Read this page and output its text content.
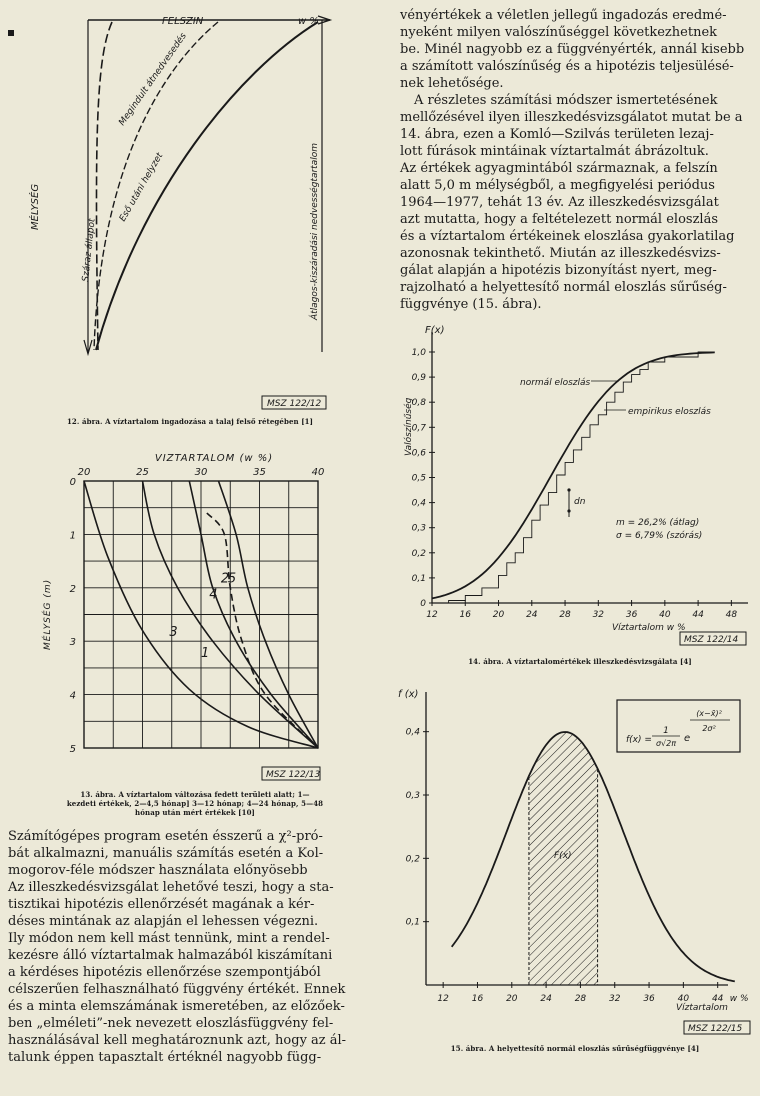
FELSZIN	w %
MÉLYSÉG
Száraz állapot
Megindult átnedvesedés
Eső utáni helyzet	Átlagos-kiszáradási nedvességtartalom
MSZ 122/12
12. ábra. A víztartalom ingadozása a talaj felső rétegében [1]
20	25	30	35	40
0
1
2
3
4
5
VIZTARTALOM (w %)
MÉLYSÉG (m)
1
2
3
4
5
MSZ 122/13
13. ábra. A víztartalom változása fedett területi alatt; 1—
kezdeti értékek, 2—4,5 hónap] 3—12 hónap; 4—24 hónap, 5—48
hónap után mért értékek [10]
Számítógépes program esetén ésszerű a χ²-pró-
bát alkalmazni, manuális számítás esetén a Kol-
mogorov-féle módszer használata előnyösebb
Az illeszkedésvizsgálat lehetővé teszi, hogy a sta-
tisztikai hipotézis ellenőrzését magának a kér-
déses mintának az alapján el lehessen végezni.
Ily módon nem kell mást tennünk, mint a rendel-
kezésre álló víztartalmak halmazából kiszámítani
a kérdéses hipotézis ellenőrzése szempontjából
célszerűen felhasználható függvény értékét. Ennek
és a minta elemszámának ismeretében, az előzőek-
ben „elméleti”-nek nevezett eloszlásfüggvény fel-
használásával kell meghatároznunk azt, hogy az ál-
talunk éppen tapasztalt értéknél nagyobb függ-
vényértékek a véletlen jellegű ingadozás eredmé-
nyeként milyen valószínűséggel következhetnek
be. Minél nagyobb ez a függvényérték, annál kisebb
a számított valószínűség és a hipotézis teljesülésé-
nek lehetősége.
A részletes számítási módszer ismertetésének
mellőzésével ilyen illeszkedésvizsgálatot mutat be a
14. ábra, ezen a Komló—Szilvás területen lezaj-
lott fúrások mintáinak víztartalmát ábrázoltuk.
Az értékek agyagmintából származnak, a felszín
alatt 5,0 m mélységből, a megfigyelési periódus
1964—1977, tehát 13 év. Az illeszkedésvizsgálat
azt mutatta, hogy a feltételezett normál eloszlás
és a víztartalom értékeinek eloszlása gyakorlatilag
azonosnak tekinthető. Miután az illeszkedésvizs-
gálat alapján a hipotézis bizonyítást nyert, meg-
rajzolható a helyettesítő normál eloszlás sűrűség-
függvénye (15. ábra).
1,0
0,9
0,8
0,7
0,6
0,5
0,4
0,3
0,2
0,1
0
12 16 20 24 28 32 36 40 44 48
F(x)
Valószínűség
Víztartalom w %
normál eloszlás
empirikus eloszlás
dn
m = 26,2% (átlag)
σ = 6,79% (szórás)
MSZ 122/14
14. ábra. A víztartalomértékek illeszkedésvizsgálata [4]
f (x)
0,4
0,3
0,2
0,1
12	16	20	24	28	32	36	40	44 w %
Víztartalom
F(x)
f(x) =
1
σ√2π e
(x−x̄)²
2σ²
MSZ 122/15
15. ábra. A helyettesítő normál eloszlás sűrűségfüggvénye [4]
